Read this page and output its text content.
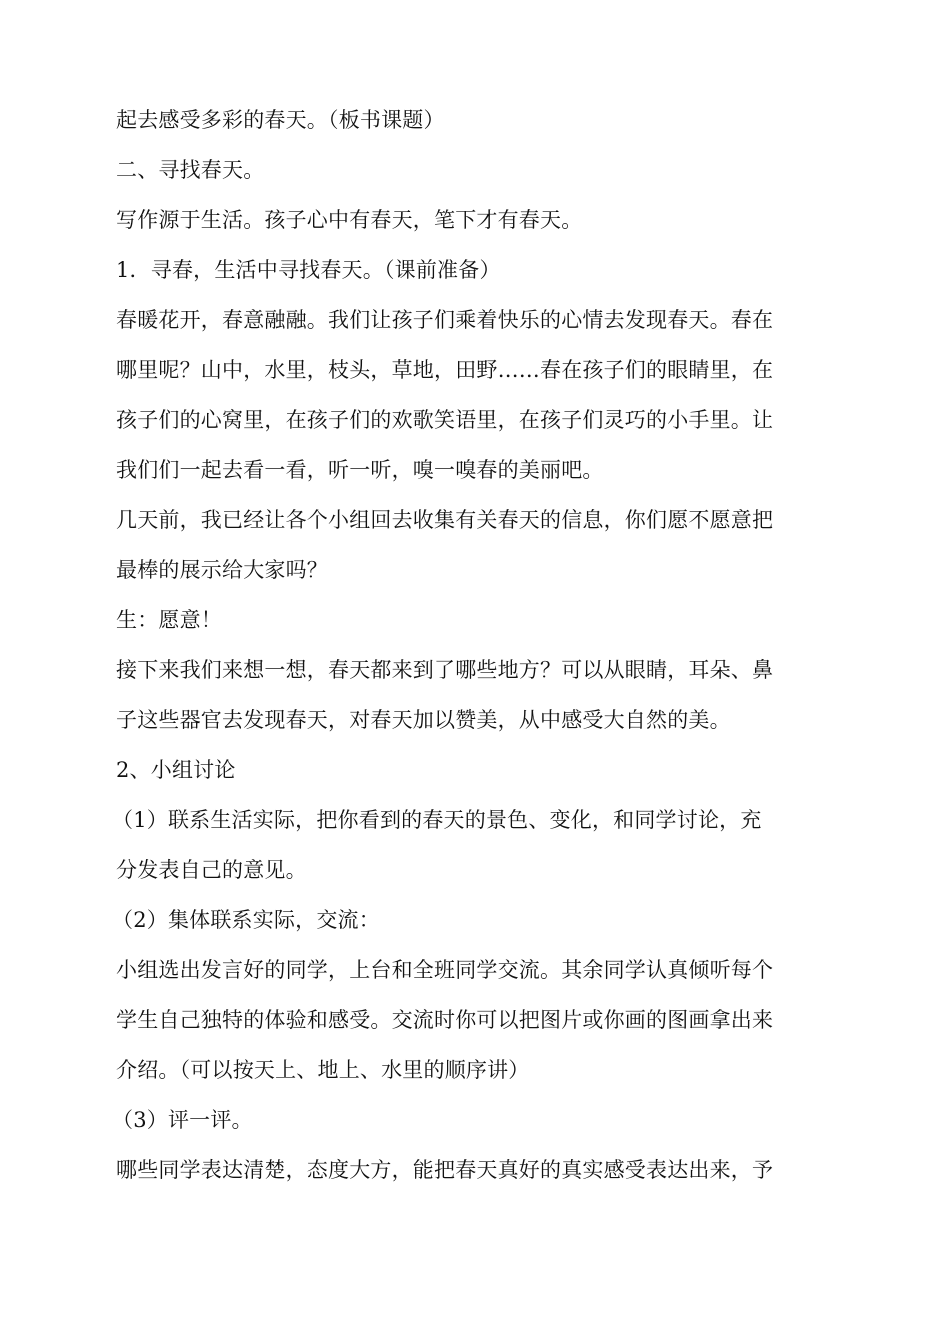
起去感受多彩的春天。（板书课题）
二、寻找春天。
写作源于生活。孩子心中有春天，笔下才有春天。
1．寻春，生活中寻找春天。（课前准备）
春暖花开，春意融融。我们让孩子们乘着快乐的心情去发现春天。春在
哪里呢？山中，水里，枝头，草地，田野……春在孩子们的眼睛里，在
孩子们的心窝里，在孩子们的欢歌笑语里，在孩子们灵巧的小手里。让
我们们一起去看一看，听一听，嗅一嗅春的美丽吧。
几天前，我已经让各个小组回去收集有关春天的信息，你们愿不愿意把
最棒的展示给大家吗？
生：愿意！
接下来我们来想一想，春天都来到了哪些地方？可以从眼睛，耳朵、鼻
子这些器官去发现春天，对春天加以赞美，从中感受大自然的美。
2、小组讨论
（1）联系生活实际，把你看到的春天的景色、变化，和同学讨论，充
分发表自己的意见。
（2）集体联系实际，交流：
小组选出发言好的同学，上台和全班同学交流。其余同学认真倾听每个
学生自己独特的体验和感受。交流时你可以把图片或你画的图画拿出来
介绍。（可以按天上、地上、水里的顺序讲）
（3）评一评。
哪些同学表达清楚，态度大方，能把春天真好的真实感受表达出来，予
